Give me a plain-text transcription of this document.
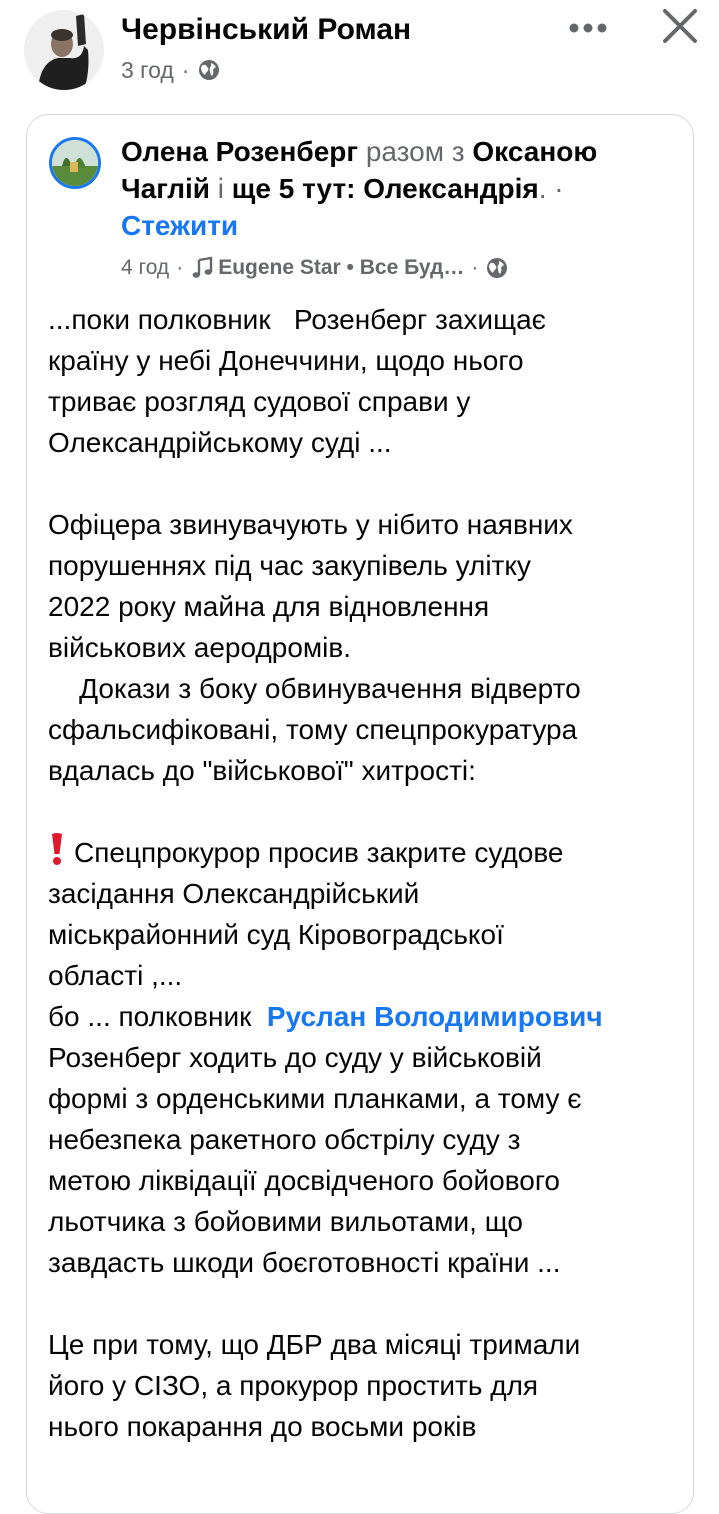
Червінський Роман
3 год ·
Олена Розенберг разом з Оксаною Чаглій і ще 5 тут: Олександрія. ·
Стежити
4 год · Eugene Star • Все Буд… ·

...поки полковник   Розенберг захищає

країну у небі Донеччини, щодо нього

триває розгляд судової справи у

Олександрійському суді ...

Офіцера звинувачують у нібито наявних

порушеннях під час закупівель улітку

2022 року майна для відновлення

військових аеродромів.

Докази з боку обвинувачення відверто

сфальсифіковані, тому спецпрокуратура

вдалась до "військової" хитрості:

Спецпрокурор просив закрите судове

засідання Олександрійський

міськрайонний суд Кіровоградської

області ,...

бо ... полковник  Руслан Володимирович

Розенберг ходить до суду у військовій

формі з орденськими планками, а тому є

небезпека ракетного обстрілу суду з

метою ліквідації досвідченого бойового

льотчика з бойовими вильотами, що

завдасть шкоди боєготовності країни ...

Це при тому, що ДБР два місяці тримали

його у СІЗО, а прокурор простить для

нього покарання до восьми років
